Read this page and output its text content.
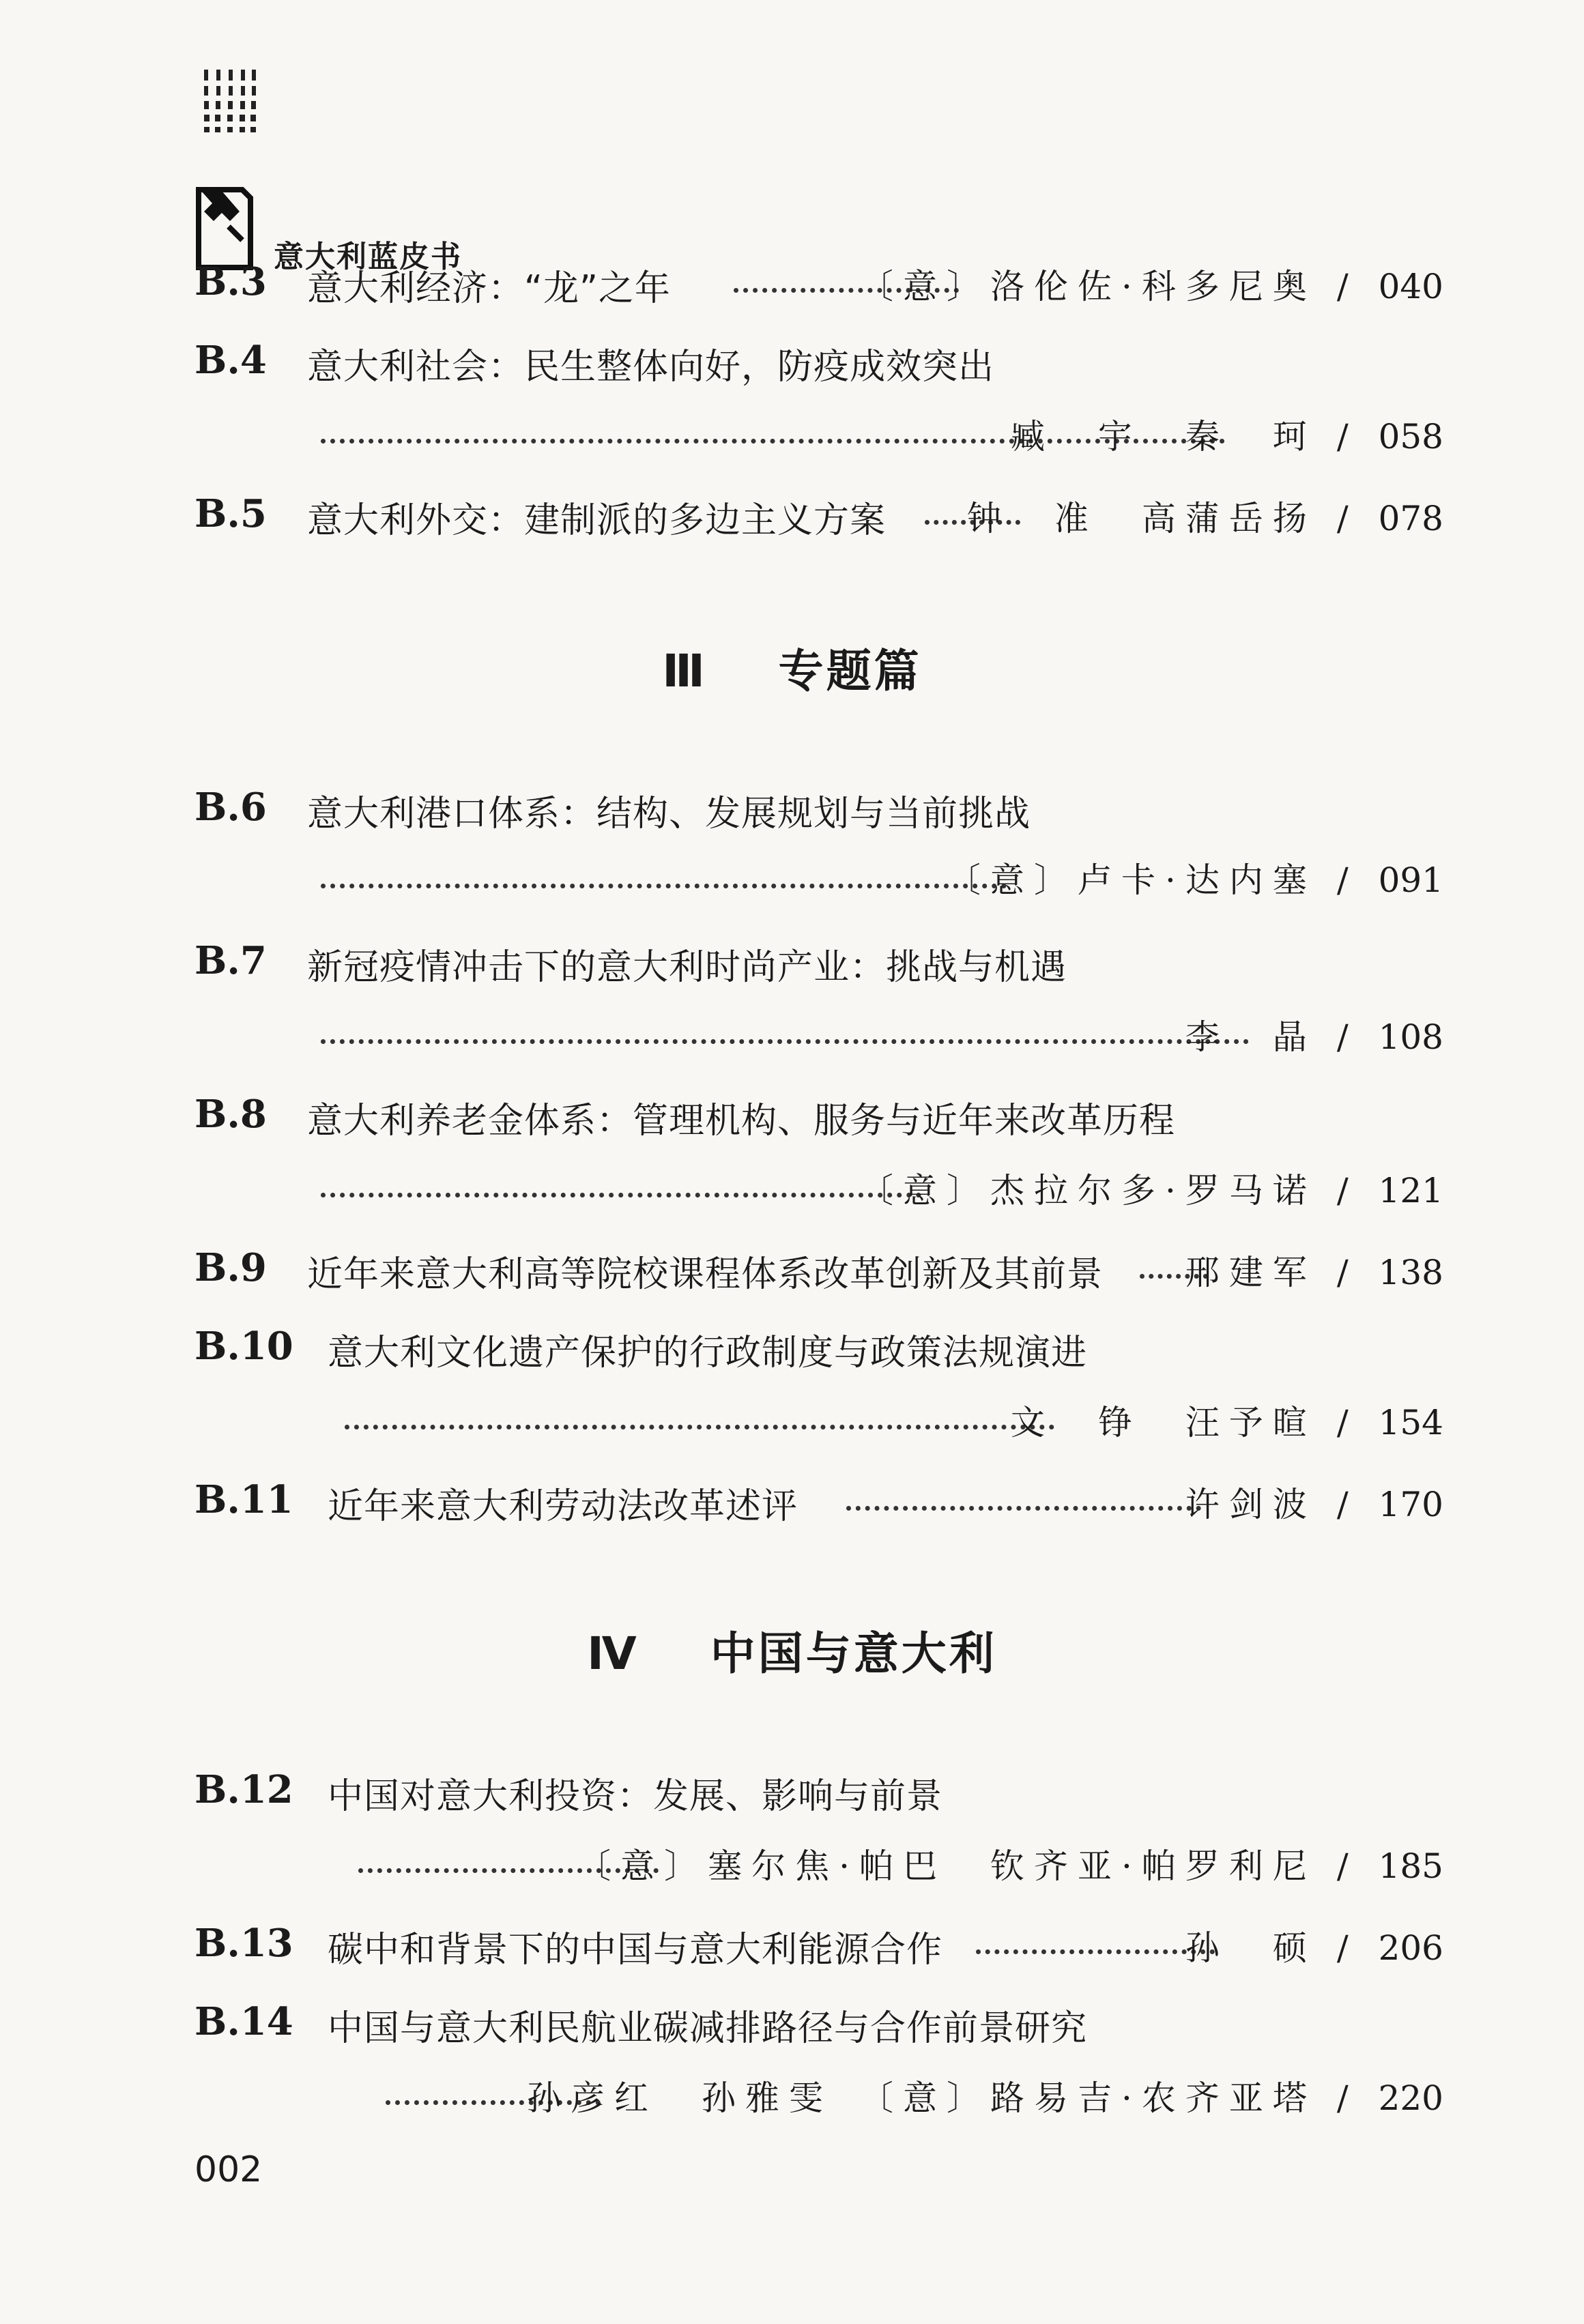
意大利蓝皮书
B.3 意大利经济：“龙”之年	〔意〕洛伦佐·科多尼奥 / 040
B.4 意大利社会：民生整体向好，防疫成效突出
臧　宇　秦　珂 / 058
B.5 意大利外交：建制派的多边主义方案 钟　准　高蒲岳扬 / 078
Ⅲ 专题篇
B.6 意大利港口体系：结构、发展规划与当前挑战
〔意〕卢卡·达内塞 / 091
B.7 新冠疫情冲击下的意大利时尚产业：挑战与机遇
李　晶 / 108
B.8 意大利养老金体系：管理机构、服务与近年来改革历程
〔意〕杰拉尔多·罗马诺 / 121
B.9 近年来意大利高等院校课程体系改革创新及其前景 邢建军 / 138
B.10 意大利文化遗产保护的行政制度与政策法规演进
文　铮　汪予暄 / 154
B.11 近年来意大利劳动法改革述评	许剑波 / 170
Ⅳ 中国与意大利
B.12 中国对意大利投资：发展、影响与前景
〔意〕塞尔焦·帕巴　钦齐亚·帕罗利尼 / 185
B.13 碳中和背景下的中国与意大利能源合作	孙　硕 / 206
B.14 中国与意大利民航业碳减排路径与合作前景研究
孙彦红　孙雅雯　〔意〕路易吉·农齐亚塔 / 220
002
